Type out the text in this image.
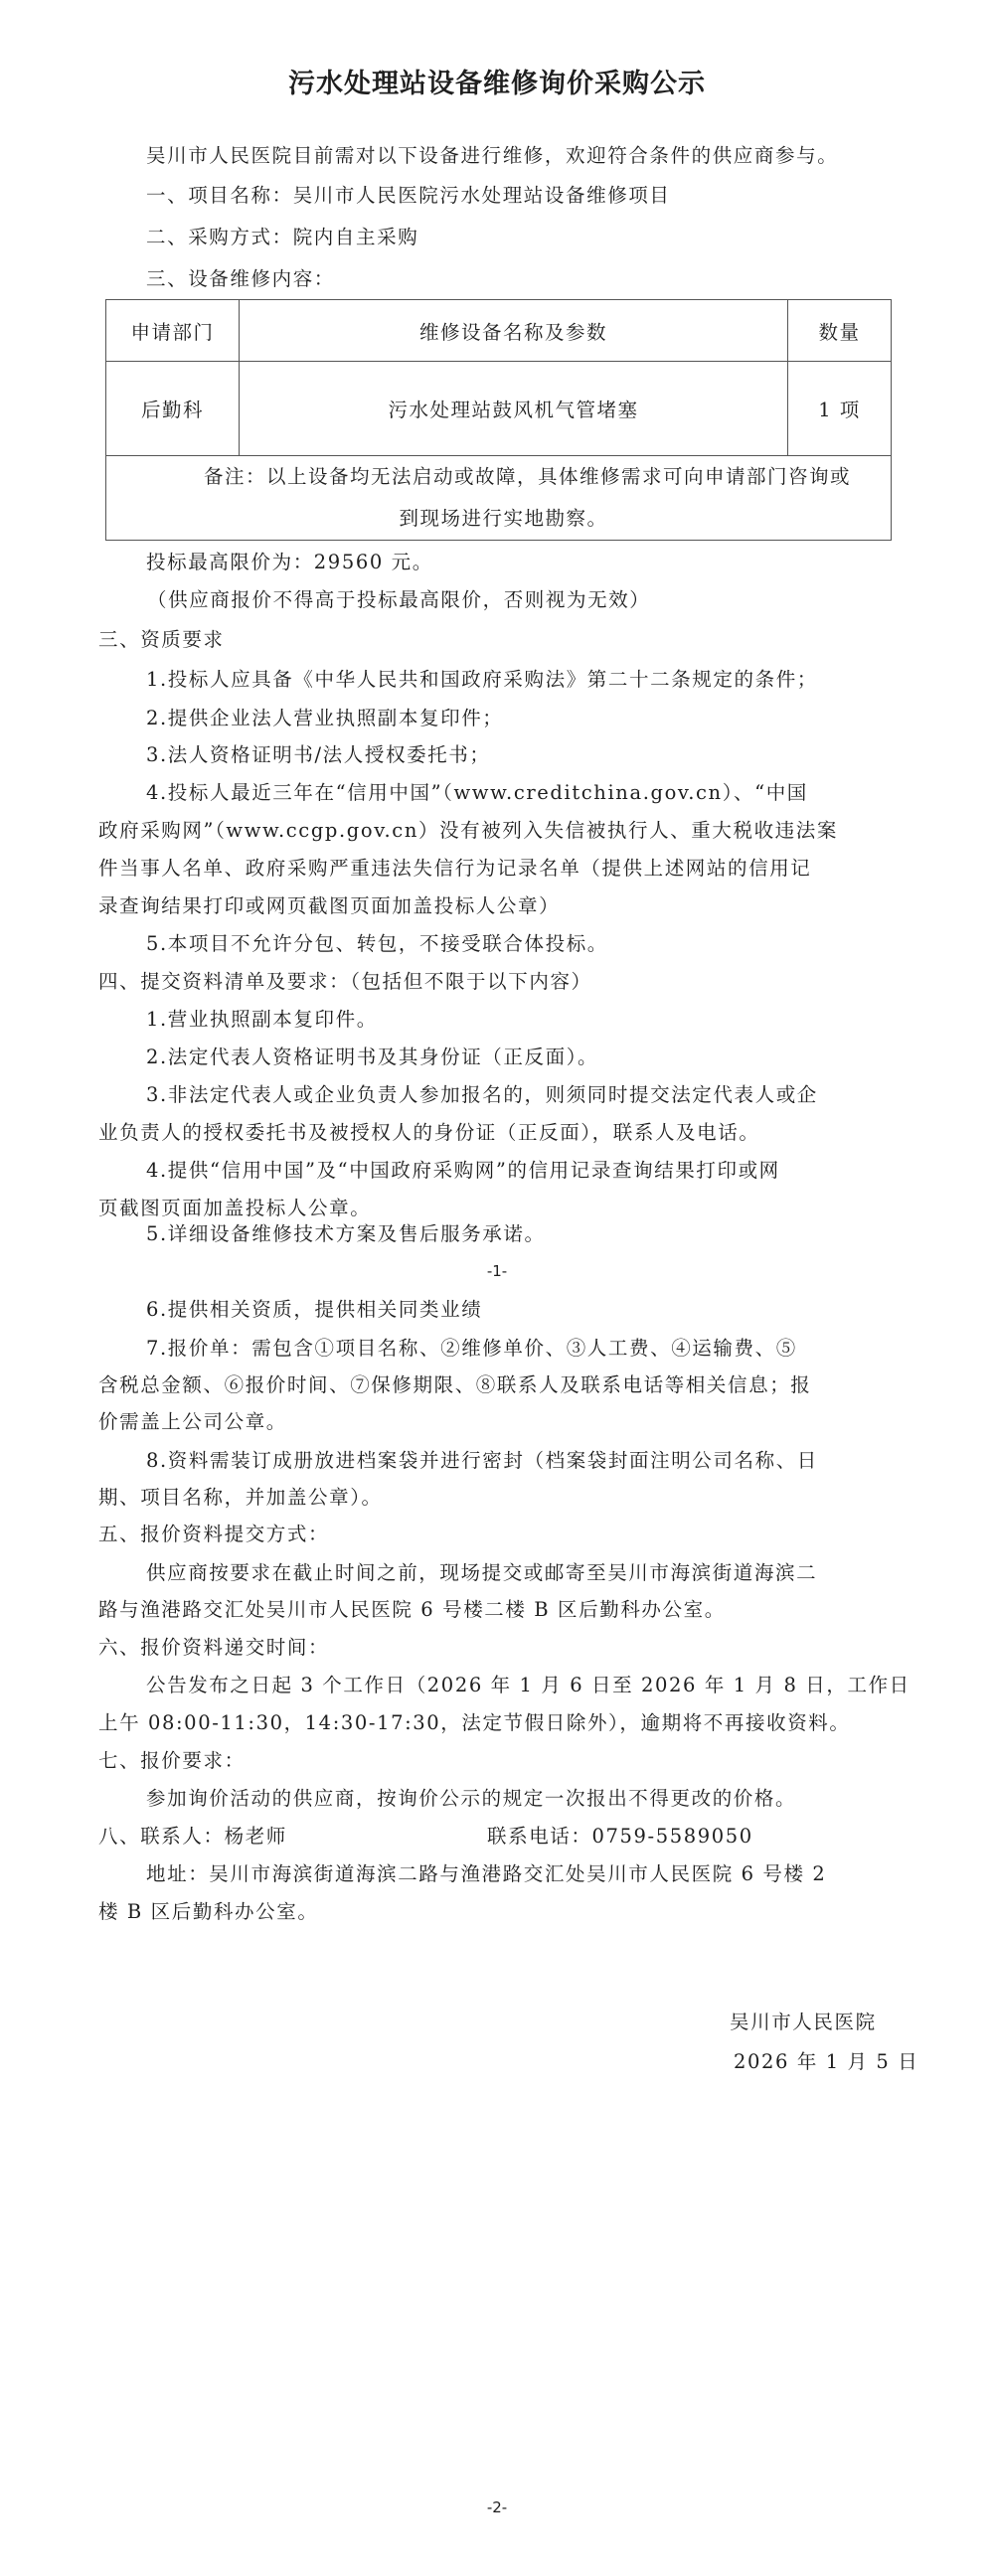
污水处理站设备维修询价采购公示
吴川市人民医院目前需对以下设备进行维修，欢迎符合条件的供应商参与。
一、项目名称：吴川市人民医院污水处理站设备维修项目
二、采购方式：院内自主采购
三、设备维修内容：
申请部门	维修设备名称及参数	数量
后勤科	污水处理站鼓风机气管堵塞	1 项

备注：以上设备均无法启动或故障，具体维修需求可向申请部门咨询或
到现场进行实地勘察。		
投标最高限价为：29560 元。
（供应商报价不得高于投标最高限价，否则视为无效）
三、资质要求
1.投标人应具备《中华人民共和国政府采购法》第二十二条规定的条件；
2.提供企业法人营业执照副本复印件；
3.法人资格证明书/法人授权委托书；
4.投标人最近三年在“信用中国”（www.creditchina.gov.cn）、“中国
政府采购网”（www.ccgp.gov.cn）没有被列入失信被执行人、重大税收违法案
件当事人名单、政府采购严重违法失信行为记录名单（提供上述网站的信用记
录查询结果打印或网页截图页面加盖投标人公章）
5.本项目不允许分包、转包，不接受联合体投标。
四、提交资料清单及要求：（包括但不限于以下内容）
1.营业执照副本复印件。
2.法定代表人资格证明书及其身份证（正反面）。
3.非法定代表人或企业负责人参加报名的，则须同时提交法定代表人或企
业负责人的授权委托书及被授权人的身份证（正反面），联系人及电话。
4.提供“信用中国”及“中国政府采购网”的信用记录查询结果打印或网
页截图页面加盖投标人公章。
5.详细设备维修技术方案及售后服务承诺。
-1-
6.提供相关资质，提供相关同类业绩
7.报价单：需包含①项目名称、②维修单价、③人工费、④运输费、⑤
含税总金额、⑥报价时间、⑦保修期限、⑧联系人及联系电话等相关信息；报
价需盖上公司公章。
8.资料需装订成册放进档案袋并进行密封（档案袋封面注明公司名称、日
期、项目名称，并加盖公章）。
五、报价资料提交方式：
供应商按要求在截止时间之前，现场提交或邮寄至吴川市海滨街道海滨二
路与渔港路交汇处吴川市人民医院 6 号楼二楼 B 区后勤科办公室。
六、报价资料递交时间：
公告发布之日起 3 个工作日（2026 年 1 月 6 日至 2026 年 1 月 8 日，工作日
上午 08:00-11:30，14:30-17:30，法定节假日除外），逾期将不再接收资料。
七、报价要求：
参加询价活动的供应商，按询价公示的规定一次报出不得更改的价格。
八、联系人：杨老师	联系电话：0759-5589050
地址：吴川市海滨街道海滨二路与渔港路交汇处吴川市人民医院 6 号楼 2
楼 B 区后勤科办公室。
吴川市人民医院
2026 年 1 月 5 日
-2-
